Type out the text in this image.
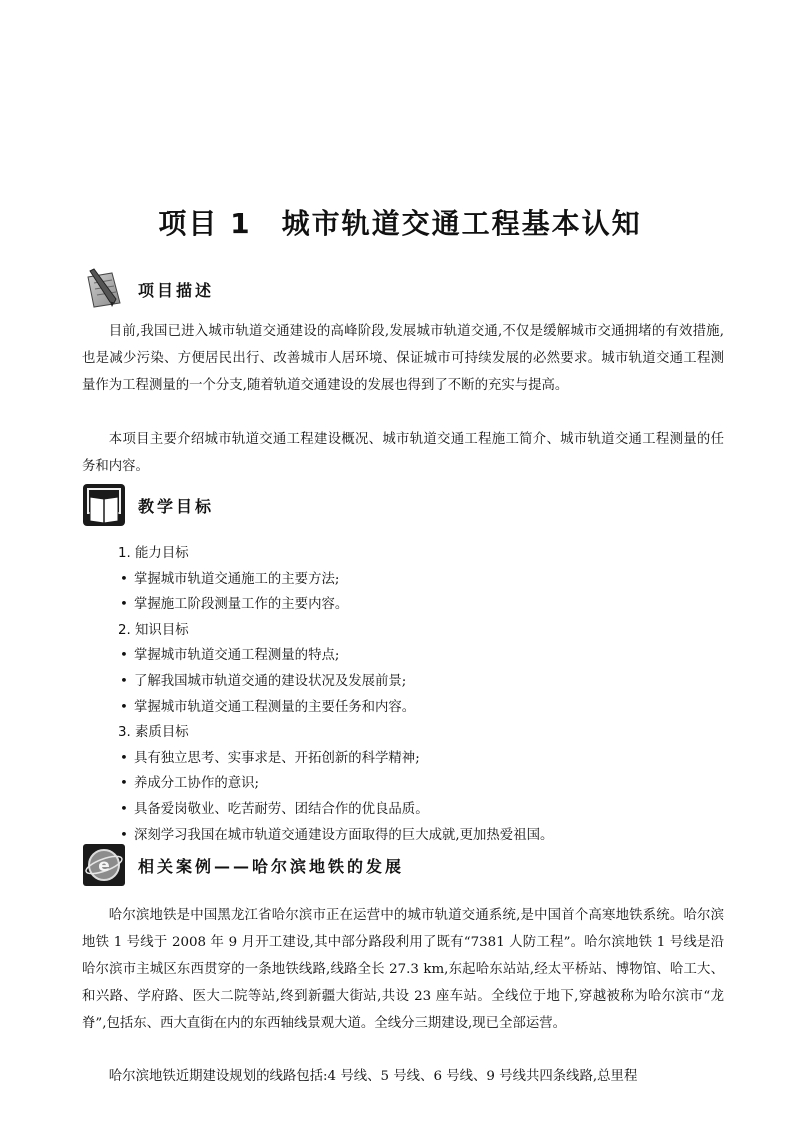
项目 1　城市轨道交通工程基本认知
项目描述

目前,我国已进入城市轨道交通建设的高峰阶段,发展城市轨道交通,不仅是缓解城市交通拥堵的有效措施,也是减少污染、方便居民出行、改善城市人居环境、保证城市可持续发展的必然要求。城市轨道交通工程测量作为工程测量的一个分支,随着轨道交通建设的发展也得到了不断的充实与提高。

本项目主要介绍城市轨道交通工程建设概况、城市轨道交通工程施工简介、城市轨道交通工程测量的任务和内容。

教学目标
1. 能力目标
• 掌握城市轨道交通施工的主要方法;
• 掌握施工阶段测量工作的主要内容。
2. 知识目标
• 掌握城市轨道交通工程测量的特点;
• 了解我国城市轨道交通的建设状况及发展前景;
• 掌握城市轨道交通工程测量的主要任务和内容。
3. 素质目标
• 具有独立思考、实事求是、开拓创新的科学精神;
• 养成分工协作的意识;
• 具备爱岗敬业、吃苦耐劳、团结合作的优良品质。
• 深刻学习我国在城市轨道交通建设方面取得的巨大成就,更加热爱祖国。
e 相关案例——哈尔滨地铁的发展

哈尔滨地铁是中国黑龙江省哈尔滨市正在运营中的城市轨道交通系统,是中国首个高寒地铁系统。哈尔滨地铁 1 号线于 2008 年 9 月开工建设,其中部分路段利用了既有“7381 人防工程”。哈尔滨地铁 1 号线是沿哈尔滨市主城区东西贯穿的一条地铁线路,线路全长 27.3 km,东起哈东站站,经太平桥站、博物馆、哈工大、和兴路、学府路、医大二院等站,终到新疆大街站,共设 23 座车站。全线位于地下,穿越被称为哈尔滨市“龙脊”,包括东、西大直街在内的东西轴线景观大道。全线分三期建设,现已全部运营。

哈尔滨地铁近期建设规划的线路包括:4 号线、5 号线、6 号线、9 号线共四条线路,总里程
